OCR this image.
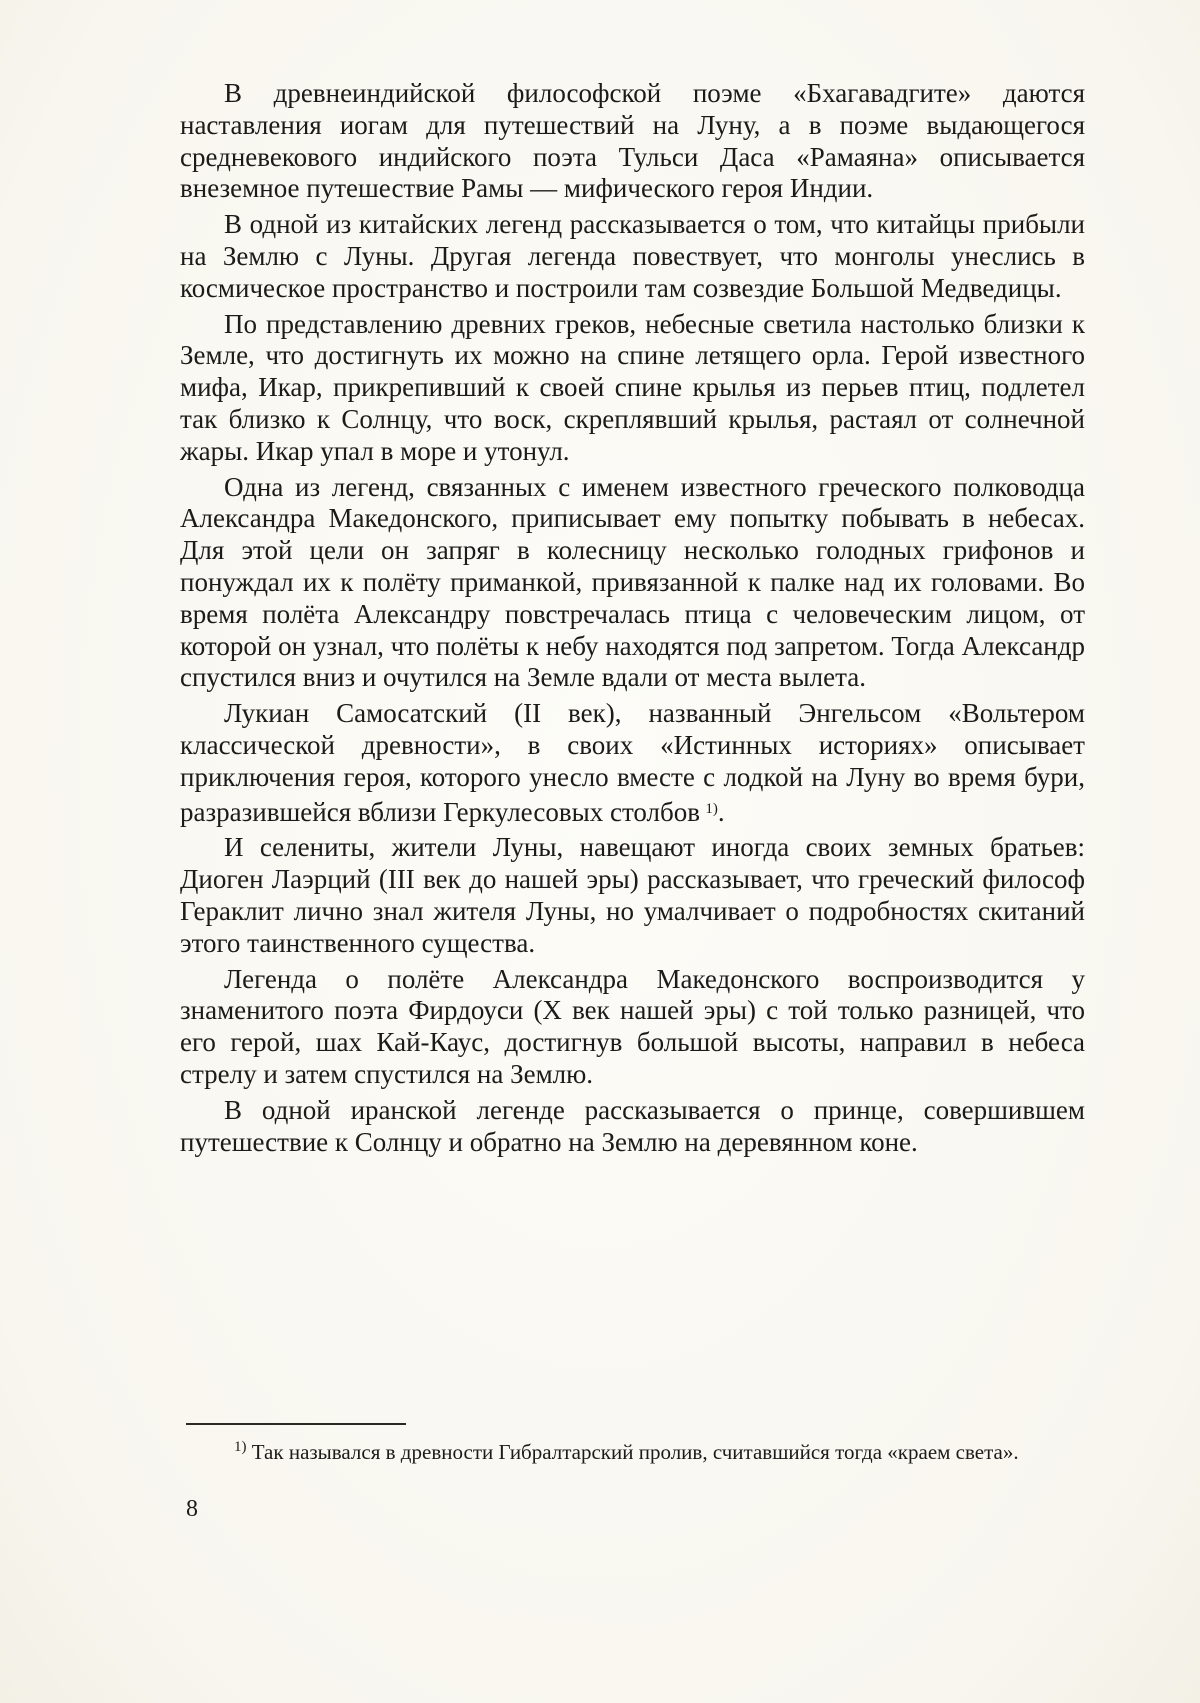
В древнеиндийской философской поэме «Бхагавадгите» даются наставления иогам для путешествий на Луну, а в поэме выдающегося средневекового индийского поэта Тульси Даса «Рамаяна» описывается внеземное путешествие Рамы — мифического героя Индии.

В одной из китайских легенд рассказывается о том, что китайцы прибыли на Землю с Луны. Другая легенда повествует, что монголы унеслись в космическое пространство и построили там созвездие Большой Медведицы.

По представлению древних греков, небесные светила настолько близки к Земле, что достигнуть их можно на спине летящего орла. Герой известного мифа, Икар, прикрепивший к своей спине крылья из перьев птиц, подлетел так близко к Солнцу, что воск, скреплявший крылья, растаял от солнечной жары. Икар упал в море и утонул.

Одна из легенд, связанных с именем известного греческого полководца Александра Македонского, приписывает ему попытку побывать в небесах. Для этой цели он запряг в колесницу несколько голодных грифонов и понуждал их к полёту приманкой, привязанной к палке над их головами. Во время полёта Александру повстречалась птица с человеческим лицом, от которой он узнал, что полёты к небу находятся под запретом. Тогда Александр спустился вниз и очутился на Земле вдали от места вылета.

Лукиан Самосатский (II век), названный Энгельсом «Вольтером классической древности», в своих «Истинных историях» описывает приключения героя, которого унесло вместе с лодкой на Луну во время бури, разразившейся вблизи Геркулесовых столбов  $^{1)}$.

И селениты, жители Луны, навещают иногда своих земных братьев: Диоген Лаэрций (III век до нашей эры) рассказывает, что греческий философ Гераклит лично знал жителя Луны, но умалчивает о подробностях скитаний этого таинственного существа.

Легенда о полёте Александра Македонского воспроизводится у знаменитого поэта Фирдоуси (X век нашей эры) с той только разницей, что его герой, шах Кай-Каус, достигнув большой высоты, направил в небеса стрелу и затем спустился на Землю.

В одной иранской легенде рассказывается о принце, совершившем путешествие к Солнцу и обратно на Землю на деревянном коне.

$^{1)}$ Так назывался в древности Гибралтарский пролив, считавшийся тогда «краем света».

8
